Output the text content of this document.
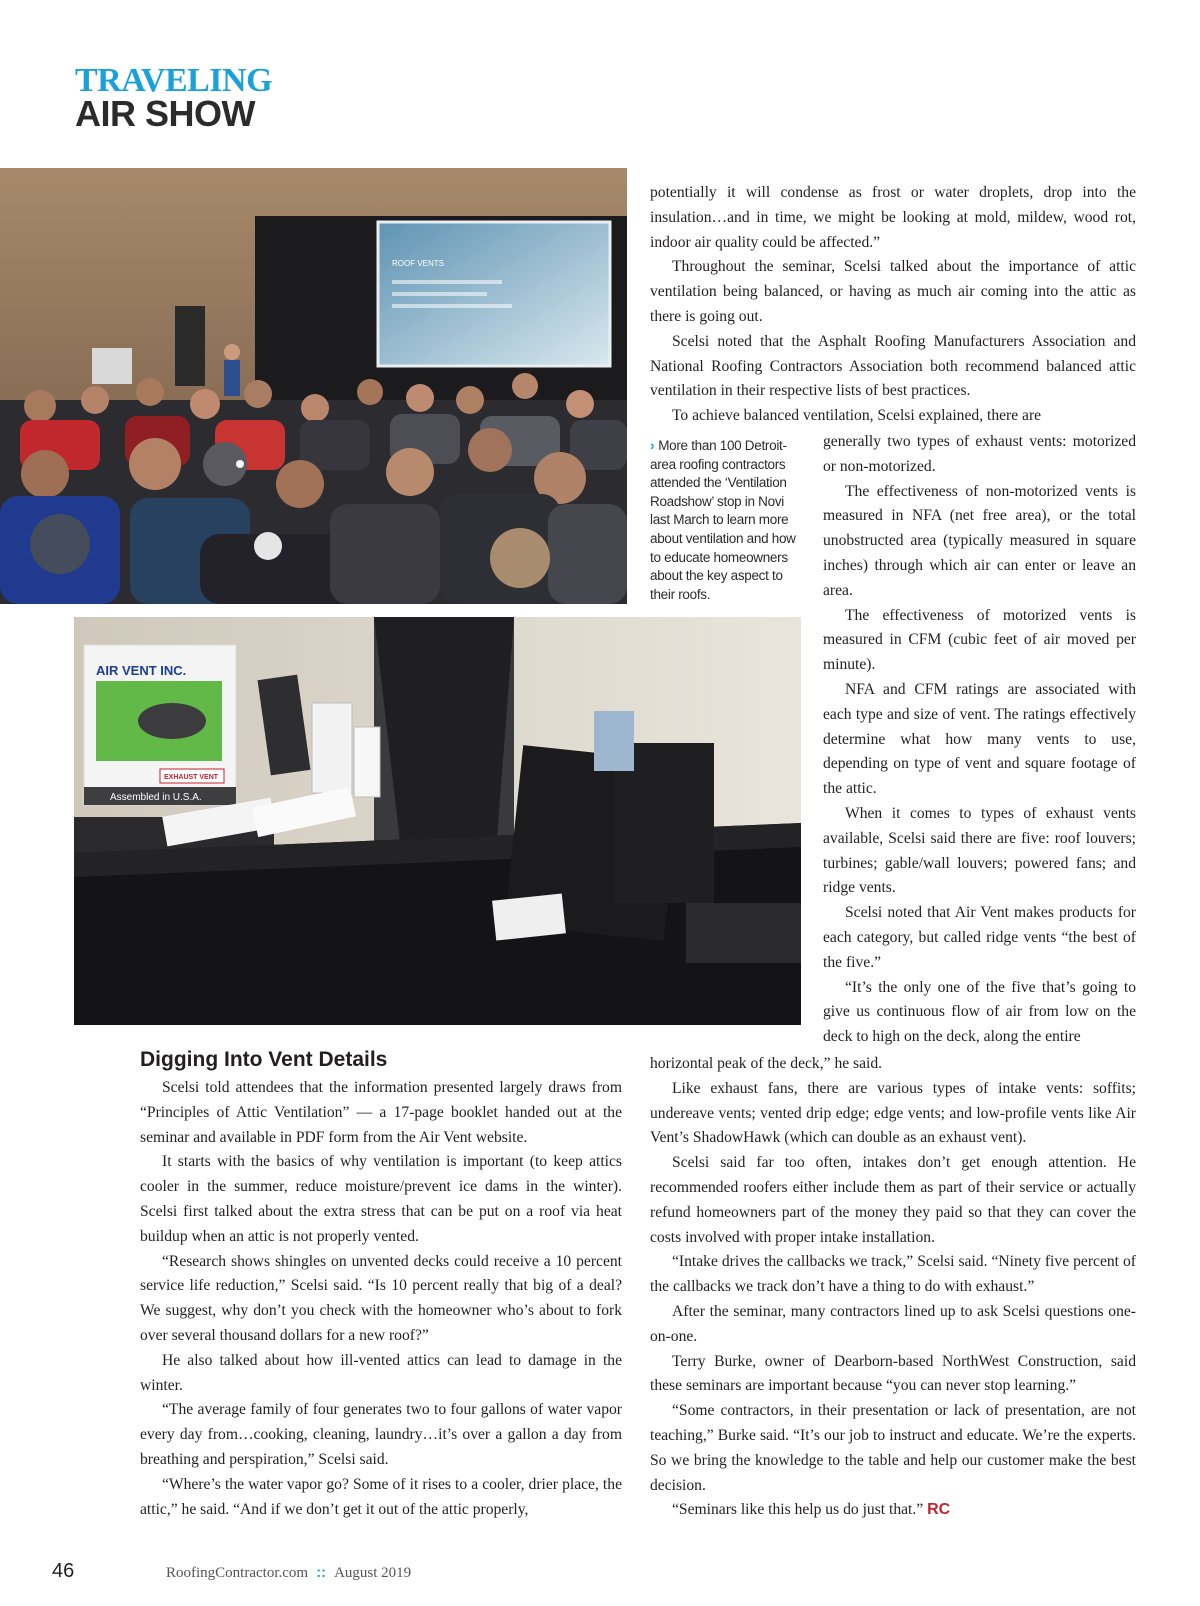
TRAVELING
AIR SHOW
ROOF VENTS
AIR VENT INC.
EXHAUST VENT
Assembled in U.S.A.
› More than 100 Detroit-area roofing contractors attended the ‘Ventilation Roadshow’ stop in Novi last March to learn more about ventilation and how to educate homeowners about the key aspect to their roofs.
Digging Into Vent Details

Scelsi told attendees that the information presented largely draws from “Principles of Attic Ventilation” — a 17-page booklet handed out at the seminar and available in PDF form from the Air Vent website.

It starts with the basics of why ventilation is important (to keep attics cooler in the summer, reduce moisture/prevent ice dams in the winter). Scelsi first talked about the extra stress that can be put on a roof via heat buildup when an attic is not properly vented.

“Research shows shingles on unvented decks could receive a 10 percent service life reduction,” Scelsi said. “Is 10 percent really that big of a deal? We suggest, why don’t you check with the homeowner who’s about to fork over several thousand dollars for a new roof?”

He also talked about how ill-vented attics can lead to damage in the winter.

“The average family of four generates two to four gallons of water vapor every day from…cooking, cleaning, laundry…it’s over a gallon a day from breathing and perspiration,” Scelsi said.

“Where’s the water vapor go? Some of it rises to a cooler, drier place, the attic,” he said. “And if we don’t get it out of the attic properly,

potentially it will condense as frost or water droplets, drop into the insulation…and in time, we might be looking at mold, mildew, wood rot, indoor air quality could be affected.”

Throughout the seminar, Scelsi talked about the importance of attic ventilation being balanced, or having as much air coming into the attic as there is going out.

Scelsi noted that the Asphalt Roofing Manufacturers Association and National Roofing Contractors Association both recommend balanced attic ventilation in their respective lists of best practices.

To achieve balanced ventilation, Scelsi explained, there are

generally two types of exhaust vents: motorized or non-motorized.

The effectiveness of non-motorized vents is measured in NFA (net free area), or the total unobstructed area (typically measured in square inches) through which air can enter or leave an area.

The effectiveness of motorized vents is measured in CFM (cubic feet of air moved per minute).

NFA and CFM ratings are associated with each type and size of vent. The ratings effectively determine what how many vents to use, depending on type of vent and square footage of the attic.

When it comes to types of exhaust vents available, Scelsi said there are five: roof louvers; turbines; gable/wall louvers; powered fans; and ridge vents.

Scelsi noted that Air Vent makes products for each category, but called ridge vents “the best of the five.”

“It’s the only one of the five that’s going to give us continuous flow of air from low on the deck to high on the deck, along the entire

horizontal peak of the deck,” he said.

Like exhaust fans, there are various types of intake vents: soffits; undereave vents; vented drip edge; edge vents; and low-profile vents like Air Vent’s ShadowHawk (which can double as an exhaust vent).

Scelsi said far too often, intakes don’t get enough attention. He recommended roofers either include them as part of their service or actually refund homeowners part of the money they paid so that they can cover the costs involved with proper intake installation.

“Intake drives the callbacks we track,” Scelsi said. “Ninety five percent of the callbacks we track don’t have a thing to do with exhaust.”

After the seminar, many contractors lined up to ask Scelsi questions one-on-one.

Terry Burke, owner of Dearborn-based NorthWest Construction, said these seminars are important because “you can never stop learning.”

“Some contractors, in their presentation or lack of presentation, are not teaching,” Burke said. “It’s our job to instruct and educate. We’re the experts. So we bring the knowledge to the table and help our customer make the best decision.

“Seminars like this help us do just that.” RC

46	RoofingContractor.com :: August 2019
